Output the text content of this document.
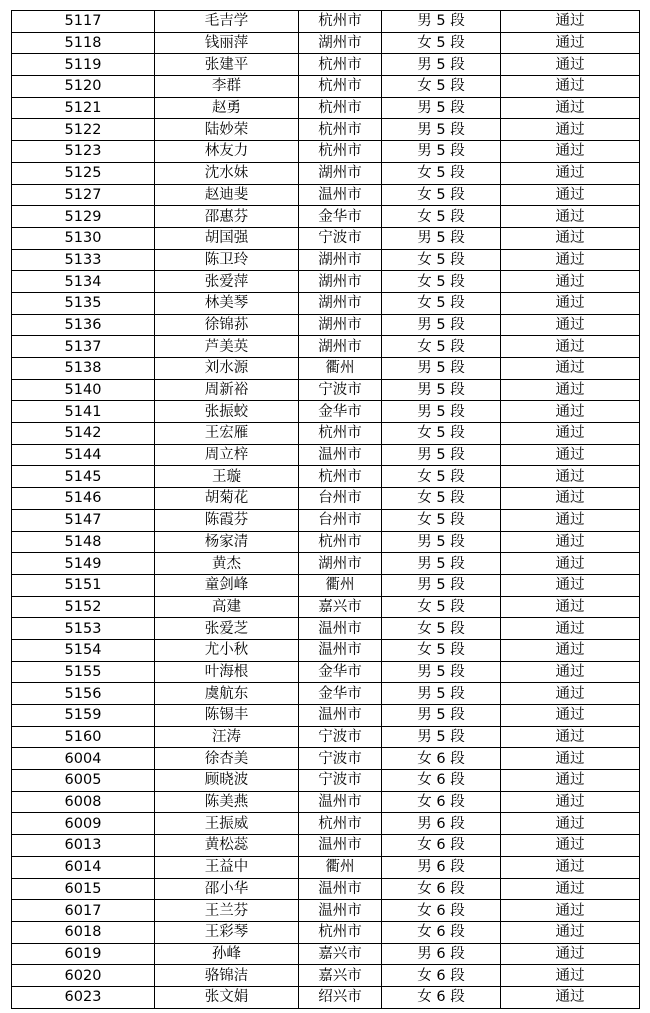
5117	毛吉学	杭州市	男 5 段	通过
5118	钱丽萍	湖州市	女 5 段	通过
5119	张建平	杭州市	男 5 段	通过
5120	李群	杭州市	女 5 段	通过
5121	赵勇	杭州市	男 5 段	通过
5122	陆妙荣	杭州市	男 5 段	通过
5123	林友力	杭州市	男 5 段	通过
5125	沈水妹	湖州市	女 5 段	通过
5127	赵迪斐	温州市	女 5 段	通过
5129	邵惠芬	金华市	女 5 段	通过
5130	胡国强	宁波市	男 5 段	通过
5133	陈卫玲	湖州市	女 5 段	通过
5134	张爱萍	湖州市	女 5 段	通过
5135	林美琴	湖州市	女 5 段	通过
5136	徐锦荪	湖州市	男 5 段	通过
5137	芦美英	湖州市	女 5 段	通过
5138	刘水源	衢州	男 5 段	通过
5140	周新裕	宁波市	男 5 段	通过
5141	张振蛟	金华市	男 5 段	通过
5142	王宏雁	杭州市	女 5 段	通过
5144	周立梓	温州市	男 5 段	通过
5145	王璇	杭州市	女 5 段	通过
5146	胡菊花	台州市	女 5 段	通过
5147	陈霞芬	台州市	女 5 段	通过
5148	杨家清	杭州市	男 5 段	通过
5149	黄杰	湖州市	男 5 段	通过
5151	童剑峰	衢州	男 5 段	通过
5152	高建	嘉兴市	女 5 段	通过
5153	张爱芝	温州市	女 5 段	通过
5154	尤小秋	温州市	女 5 段	通过
5155	叶海根	金华市	男 5 段	通过
5156	虞航东	金华市	男 5 段	通过
5159	陈锡丰	温州市	男 5 段	通过
5160	汪涛	宁波市	男 5 段	通过
6004	徐杏美	宁波市	女 6 段	通过
6005	顾晓波	宁波市	女 6 段	通过
6008	陈美燕	温州市	女 6 段	通过
6009	王振威	杭州市	男 6 段	通过
6013	黄松蕊	温州市	女 6 段	通过
6014	王益中	衢州	男 6 段	通过
6015	邵小华	温州市	女 6 段	通过
6017	王兰芬	温州市	女 6 段	通过
6018	王彩琴	杭州市	女 6 段	通过
6019	孙峰	嘉兴市	男 6 段	通过
6020	骆锦洁	嘉兴市	女 6 段	通过
6023	张文娟	绍兴市	女 6 段	通过
